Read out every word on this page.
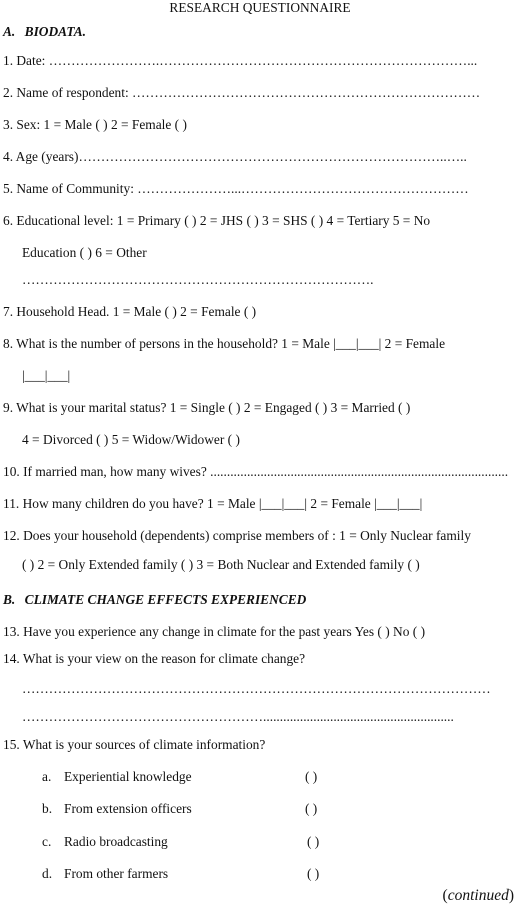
RESEARCH QUESTIONNAIRE
A. BIODATA.
1. Date: …………………….……………………………………………………………...
2. Name of respondent: ……………………………………………………………………
3. Sex: 1 = Male ( ) 2 = Female ( )
4. Age (years)………………………………………………………………………..…..
5. Name of Community: …………………...……………………………………………
6. Educational level: 1 = Primary ( ) 2 = JHS ( ) 3 = SHS ( ) 4 = Tertiary 5 = No
Education ( ) 6 = Other
…………………………………………………………………….
7. Household Head. 1 = Male ( ) 2 = Female ( )
8. What is the number of persons in the household? 1 = Male |___|___| 2 = Female
|___|___|
9. What is your marital status? 1 = Single ( ) 2 = Engaged ( ) 3 = Married ( )
4 = Divorced ( ) 5 = Widow/Widower ( )
10. If married man, how many wives? .........................................................................................
11. How many children do you have? 1 = Male |___|___| 2 = Female |___|___|
12. Does your household (dependents) comprise members of : 1 = Only Nuclear family
( ) 2 = Only Extended family ( ) 3 = Both Nuclear and Extended family ( )
B. CLIMATE CHANGE EFFECTS EXPERIENCED
13. Have you experience any change in climate for the past years Yes ( ) No ( )
14. What is your view on the reason for climate change?
……………………………………………………………………………………………
……………………………………………….........................................................
15. What is your sources of climate information?
a. Experiential knowledge	( )
b. From extension officers	( )
c. Radio broadcasting	( )
d. From other farmers	( )
(continued)
